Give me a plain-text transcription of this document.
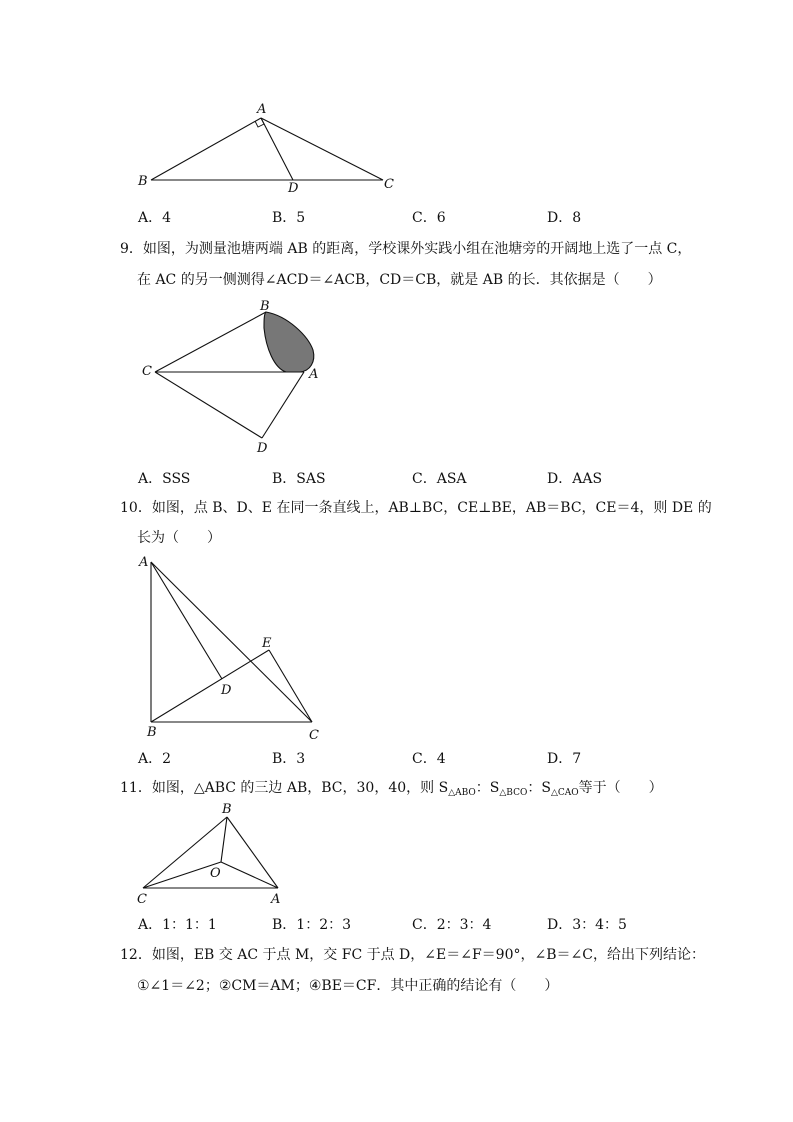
A
B	D	C
A．4	B．5	C．6	D．8
9．如图，为测量池塘两端 AB 的距离，学校课外实践小组在池塘旁的开阔地上选了一点 C，
在 AC 的另一侧测得∠ACD＝∠ACB，CD＝CB，就是 AB 的长．其依据是（　　）
B
C	A
D
A．SSS	B．SAS	C．ASA	D．AAS
10．如图，点 B、D、E 在同一条直线上，AB⊥BC，CE⊥BE，AB＝BC，CE＝4，则 DE 的
长为（　　）
A
B	C
D
E
A．2	B．3	C．4	D．7
11．如图，△ABC 的三边 AB，BC，30，40，则 $S_{\triangle ABO}$：$S_{\triangle BCO}$：$S_{\triangle CAO}$等于（　　）
B
C	A
O
A．1：1：1	B．1：2：3	C．2：3：4	D．3：4：5
12．如图，EB 交 AC 于点 M，交 FC 于点 D，∠E＝∠F＝90°，∠B＝∠C，给出下列结论：
①∠1＝∠2；②CM＝AM；④BE＝CF．其中正确的结论有（　　）
